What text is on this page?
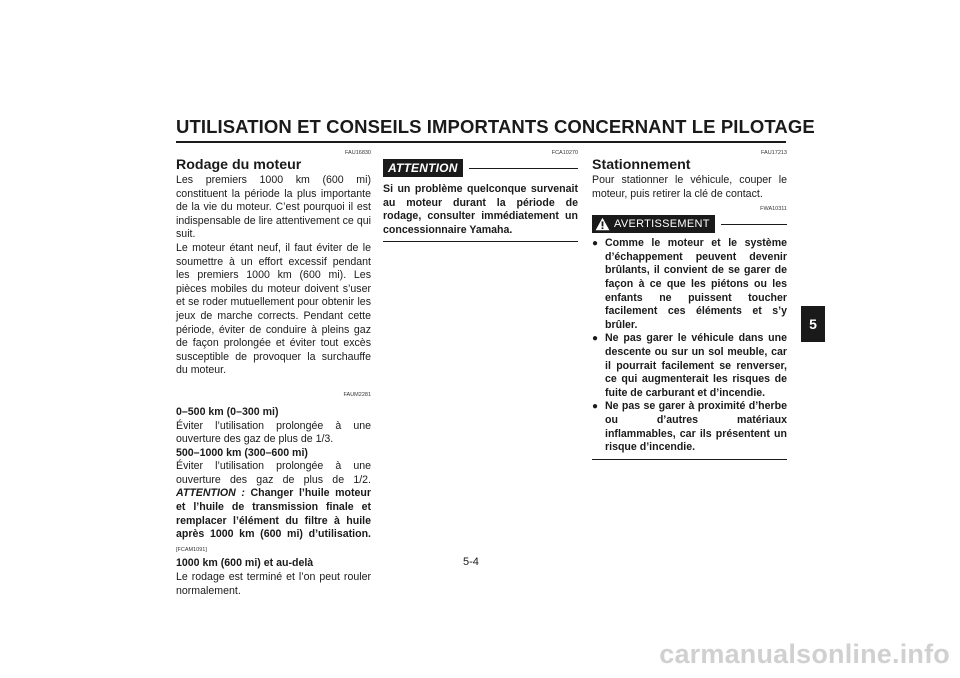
UTILISATION ET CONSEILS IMPORTANTS CONCERNANT LE PILOTAGE
5
FAU16830
Rodage du moteur

Les premiers 1000 km (600 mi) constituent la période la plus importante de la vie du moteur. C’est pourquoi il est indispensable de lire attentivement ce qui suit.

Le moteur étant neuf, il faut éviter de le soumettre à un effort excessif pendant les premiers 1000 km (600 mi). Les pièces mobiles du moteur doivent s’user et se roder mutuellement pour obtenir les jeux de marche corrects. Pendant cette période, éviter de conduire à pleins gaz de façon prolongée et éviter tout excès susceptible de provoquer la surchauffe du moteur.

FAUM2281

0–500 km (0–300 mi)

Éviter l’utilisation prolongée à une ouverture des gaz de plus de 1/3.

500–1000 km (300–600 mi)

Éviter l’utilisation prolongée à une ouverture des gaz de plus de 1/2. ATTENTION : Changer l’huile moteur et l’huile de transmission finale et remplacer l’élément du filtre à huile après 1000 km (600 mi) d’utilisation. [FCAM1091]

1000 km (600 mi) et au-delà

Le rodage est terminé et l’on peut rouler normalement.

FCA10270
ATTENTION

Si un problème quelconque survenait au moteur durant la période de rodage, consulter immédiatement un concessionnaire Yamaha.

FAU17213
Stationnement

Pour stationner le véhicule, couper le moteur, puis retirer la clé de contact.

FWA10311
AVERTISSEMENT
● Comme le moteur et le système d’échappement peuvent devenir brûlants, il convient de se garer de façon à ce que les piétons ou les enfants ne puissent toucher facilement ces éléments et s’y brûler.
● Ne pas garer le véhicule dans une descente ou sur un sol meuble, car il pourrait facilement se renverser, ce qui augmenterait les risques de fuite de carburant et d’incendie.
● Ne pas se garer à proximité d’herbe ou d’autres matériaux inflammables, car ils présentent un risque d’incendie.
5-4
carmanualsonline.info
